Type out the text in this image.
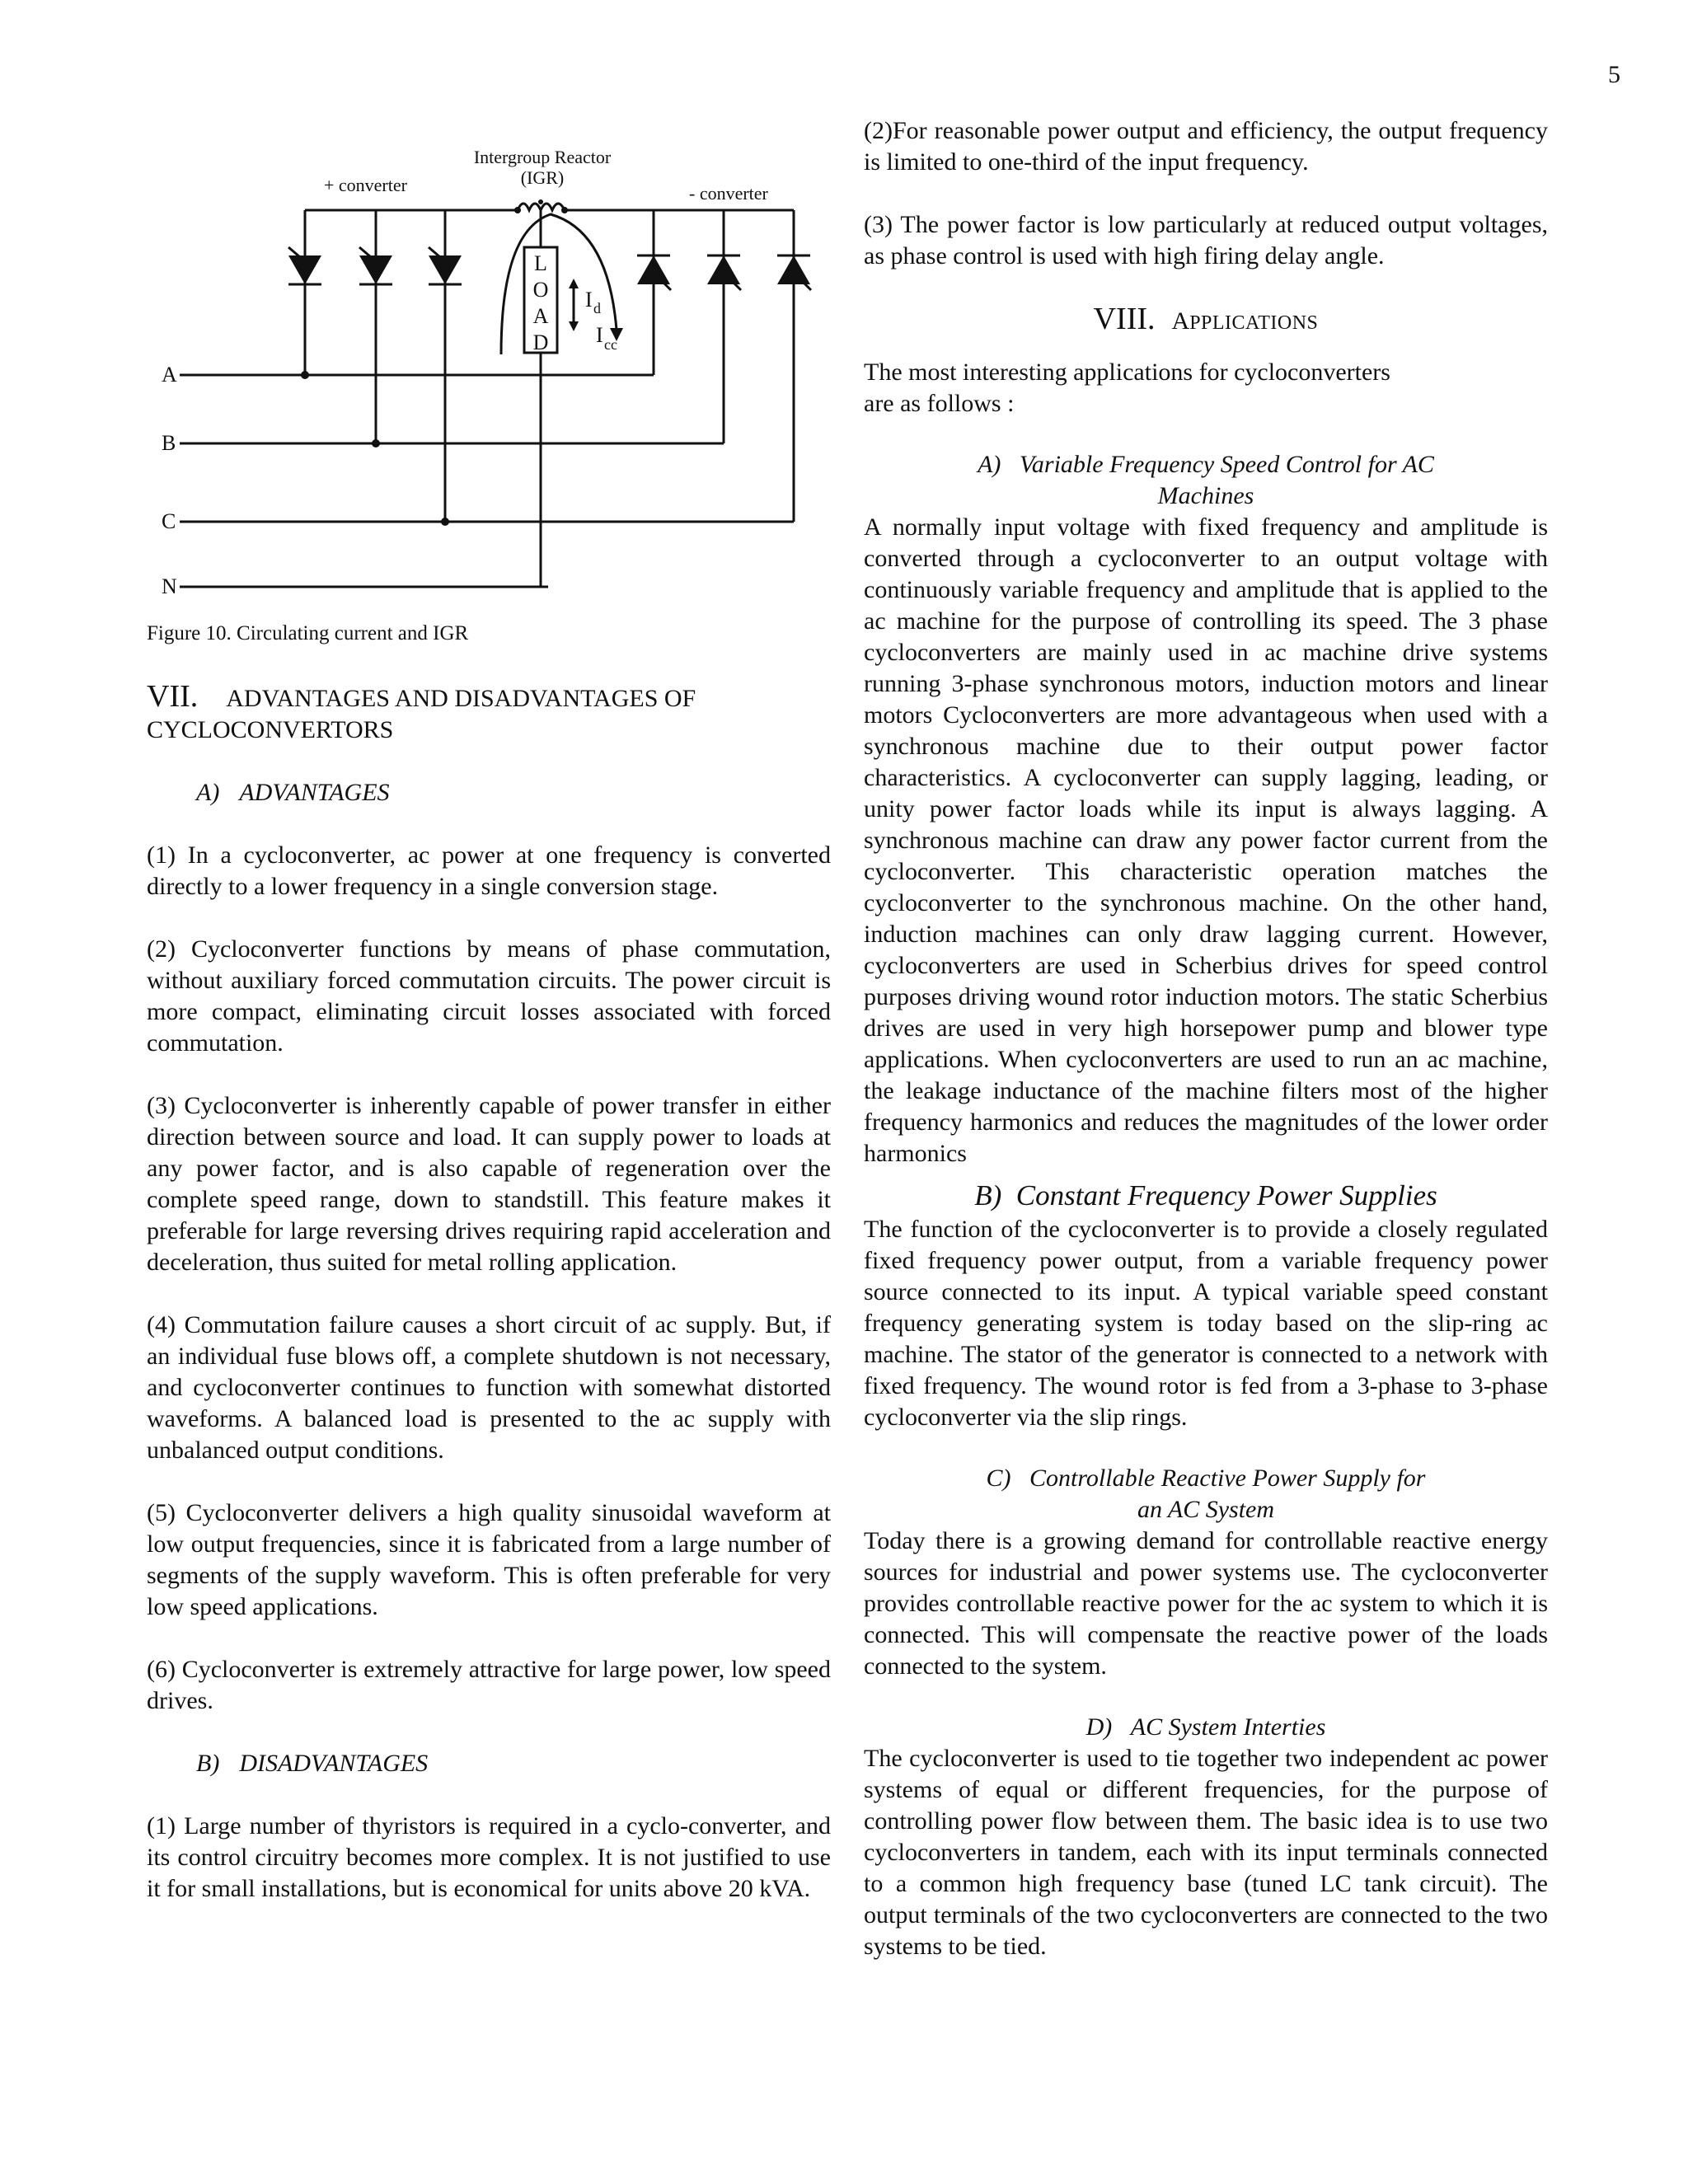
5
Intergroup Reactor
(IGR)
+ converter	- converter
L
O
A
D
I d
I cc
A
B
C
N
Figure 10. Circulating current and IGR
VII. ADVANTAGES AND DISADVANTAGES OF CYCLOCONVERTORS
A) ADVANTAGES

(1) In a cycloconverter, ac power at one frequency is converted directly to a lower frequency in a single conversion stage.

(2) Cycloconverter functions by means of phase commutation, without auxiliary forced commutation circuits. The power circuit is more compact, eliminating circuit losses associated with forced commutation.

(3) Cycloconverter is inherently capable of power transfer in either direction between source and load. It can supply power to loads at any power factor, and is also capable of regeneration over the complete speed range, down to standstill. This feature makes it preferable for large reversing drives requiring rapid acceleration and deceleration, thus suited for metal rolling application.

(4) Commutation failure causes a short circuit of ac supply. But, if an individual fuse blows off, a complete shutdown is not necessary, and cycloconverter continues to function with somewhat distorted waveforms. A balanced load is presented to the ac supply with unbalanced output conditions.

(5) Cycloconverter delivers a high quality sinusoidal waveform at low output frequencies, since it is fabricated from a large number of segments of the supply waveform. This is often preferable for very low speed applications.

(6) Cycloconverter is extremely attractive for large power, low speed drives.

B) DISADVANTAGES

(1) Large number of thyristors is required in a cyclo-converter, and its control circuitry becomes more complex. It is not justified to use it for small installations, but is economical for units above 20 kVA.

(2)For reasonable power output and efficiency, the output frequency is limited to one-third of the input frequency.

(3) The power factor is low particularly at reduced output voltages, as phase control is used with high firing delay angle.

VIII. APPLICATIONS
The most interesting applications for cycloconverters
are as follows :
A) Variable Frequency Speed Control for AC
Machines

A normally input voltage with fixed frequency and amplitude is converted through a cycloconverter to an output voltage with continuously variable frequency and amplitude that is applied to the ac machine for the purpose of controlling its speed. The 3 phase cycloconverters are mainly used in ac machine drive systems running 3-phase synchronous motors, induction motors and linear motors Cycloconverters are more advantageous when used with a synchronous machine due to their output power factor characteristics. A cycloconverter can supply lagging, leading, or unity power factor loads while its input is always lagging. A synchronous machine can draw any power factor current from the cycloconverter. This characteristic operation matches the cycloconverter to the synchronous machine. On the other hand, induction machines can only draw lagging current. However, cycloconverters are used in Scherbius drives for speed control purposes driving wound rotor induction motors. The static Scherbius drives are used in very high horsepower pump and blower type applications. When cycloconverters are used to run an ac machine, the leakage inductance of the machine filters most of the higher frequency harmonics and reduces the magnitudes of the lower order harmonics

B) Constant Frequency Power Supplies

The function of the cycloconverter is to provide a closely regulated fixed frequency power output, from a variable frequency power source connected to its input. A typical variable speed constant frequency generating system is today based on the slip-ring ac machine. The stator of the generator is connected to a network with fixed frequency. The wound rotor is fed from a 3-phase to 3-phase cycloconverter via the slip rings.

C) Controllable Reactive Power Supply for
an AC System

Today there is a growing demand for controllable reactive energy sources for industrial and power systems use. The cycloconverter provides controllable reactive power for the ac system to which it is connected. This will compensate the reactive power of the loads connected to the system.

D) AC System Interties

The cycloconverter is used to tie together two independent ac power systems of equal or different frequencies, for the purpose of controlling power flow between them. The basic idea is to use two cycloconverters in tandem, each with its input terminals connected to a common high frequency base (tuned LC tank circuit). The output terminals of the two cycloconverters are connected to the two systems to be tied.
